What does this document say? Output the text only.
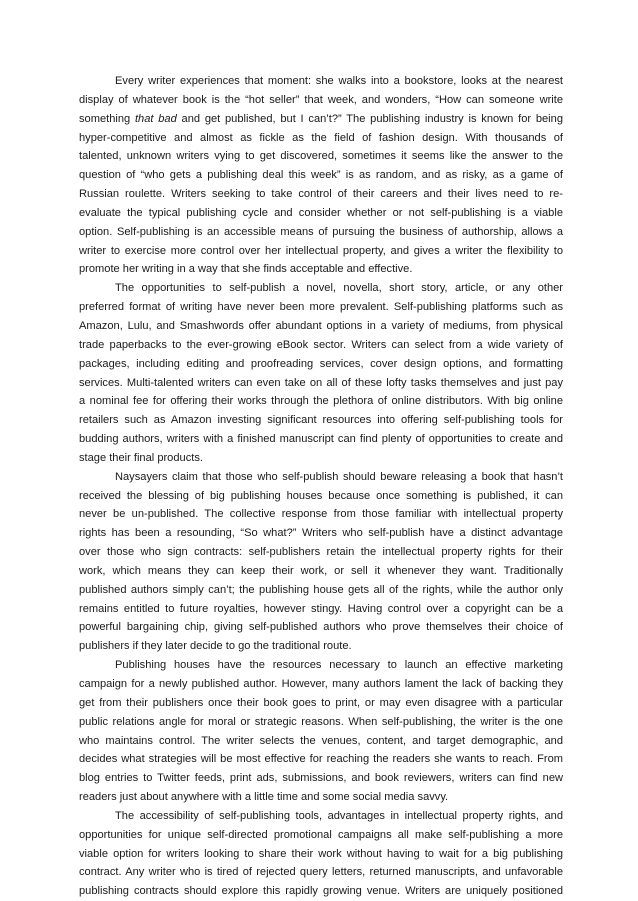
Every writer experiences that moment: she walks into a bookstore, looks at the nearest
display of whatever book is the “hot seller” that week, and wonders, “How can someone write
something that bad and get published, but I can’t?” The publishing industry is known for being
hyper-competitive and almost as fickle as the field of fashion design. With thousands of
talented, unknown writers vying to get discovered, sometimes it seems like the answer to the
question of “who gets a publishing deal this week” is as random, and as risky, as a game of
Russian roulette. Writers seeking to take control of their careers and their lives need to re-
evaluate the typical publishing cycle and consider whether or not self-publishing is a viable
option. Self-publishing is an accessible means of pursuing the business of authorship, allows a
writer to exercise more control over her intellectual property, and gives a writer the flexibility to
promote her writing in a way that she finds acceptable and effective.
The opportunities to self-publish a novel, novella, short story, article, or any other
preferred format of writing have never been more prevalent. Self-publishing platforms such as
Amazon, Lulu, and Smashwords offer abundant options in a variety of mediums, from physical
trade paperbacks to the ever-growing eBook sector. Writers can select from a wide variety of
packages, including editing and proofreading services, cover design options, and formatting
services. Multi-talented writers can even take on all of these lofty tasks themselves and just pay
a nominal fee for offering their works through the plethora of online distributors. With big online
retailers such as Amazon investing significant resources into offering self-publishing tools for
budding authors, writers with a finished manuscript can find plenty of opportunities to create and
stage their final products.
Naysayers claim that those who self-publish should beware releasing a book that hasn’t
received the blessing of big publishing houses because once something is published, it can
never be un-published. The collective response from those familiar with intellectual property
rights has been a resounding, “So what?” Writers who self-publish have a distinct advantage
over those who sign contracts: self-publishers retain the intellectual property rights for their
work, which means they can keep their work, or sell it whenever they want. Traditionally
published authors simply can’t; the publishing house gets all of the rights, while the author only
remains entitled to future royalties, however stingy. Having control over a copyright can be a
powerful bargaining chip, giving self-published authors who prove themselves their choice of
publishers if they later decide to go the traditional route.
Publishing houses have the resources necessary to launch an effective marketing
campaign for a newly published author. However, many authors lament the lack of backing they
get from their publishers once their book goes to print, or may even disagree with a particular
public relations angle for moral or strategic reasons. When self-publishing, the writer is the one
who maintains control. The writer selects the venues, content, and target demographic, and
decides what strategies will be most effective for reaching the readers she wants to reach. From
blog entries to Twitter feeds, print ads, submissions, and book reviewers, writers can find new
readers just about anywhere with a little time and some social media savvy.
The accessibility of self-publishing tools, advantages in intellectual property rights, and
opportunities for unique self-directed promotional campaigns all make self-publishing a more
viable option for writers looking to share their work without having to wait for a big publishing
contract. Any writer who is tired of rejected query letters, returned manuscripts, and unfavorable
publishing contracts should explore this rapidly growing venue. Writers are uniquely positioned
